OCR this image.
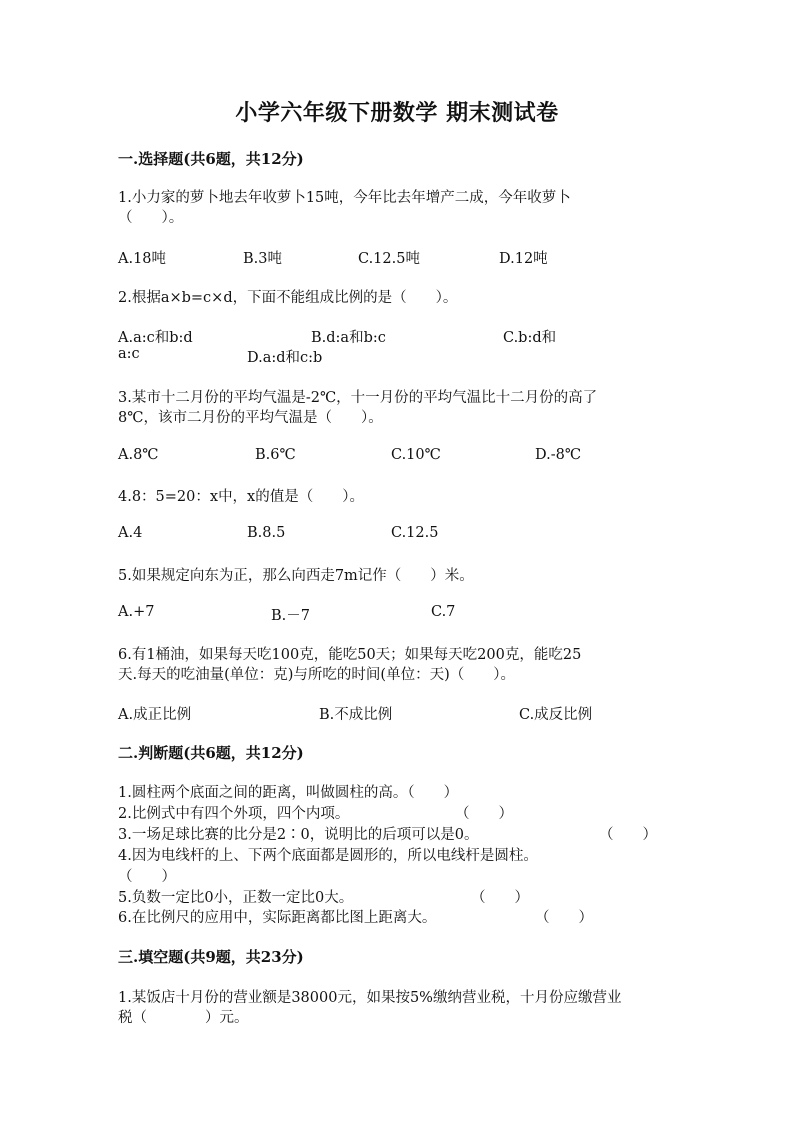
小学六年级下册数学 期末测试卷
一.选择题(共6题，共12分)
1.小力家的萝卜地去年收萝卜15吨，今年比去年增产二成，今年收萝卜
（　　）。
A.18吨	B.3吨	C.12.5吨	D.12吨
2.根据a×b=c×d，下面不能组成比例的是（　　）。
A.a:c和b:d	B.d:a和b:c	C.b:d和
a:c	D.a:d和c:b
3.某市十二月份的平均气温是-2℃，十一月份的平均气温比十二月份的高了
8℃，该市二月份的平均气温是（　　）。
A.8℃	B.6℃	C.10℃	D.-8℃
4.8：5=20：x中，x的值是（　　）。
A.4	B.8.5	C.12.5
5.如果规定向东为正，那么向西走7m记作（　　）米。
A.+7	B.－7	C.7
6.有1桶油，如果每天吃100克，能吃50天；如果每天吃200克，能吃25
天.每天的吃油量(单位：克)与所吃的时间(单位：天)（　　）。
A.成正比例	B.不成比例	C.成反比例
二.判断题(共6题，共12分)
1.圆柱两个底面之间的距离，叫做圆柱的高。（　　）
2.比例式中有四个外项，四个内项。	（　　）
3.一场足球比赛的比分是2∶0，说明比的后项可以是0。	（　　）
4.因为电线杆的上、下两个底面都是圆形的，所以电线杆是圆柱。
（　　）
5.负数一定比0小，正数一定比0大。	（　　）
6.在比例尺的应用中，实际距离都比图上距离大。	（　　）
三.填空题(共9题，共23分)
1.某饭店十月份的营业额是38000元，如果按5%缴纳营业税，十月份应缴营业
税（　　　　）元。
